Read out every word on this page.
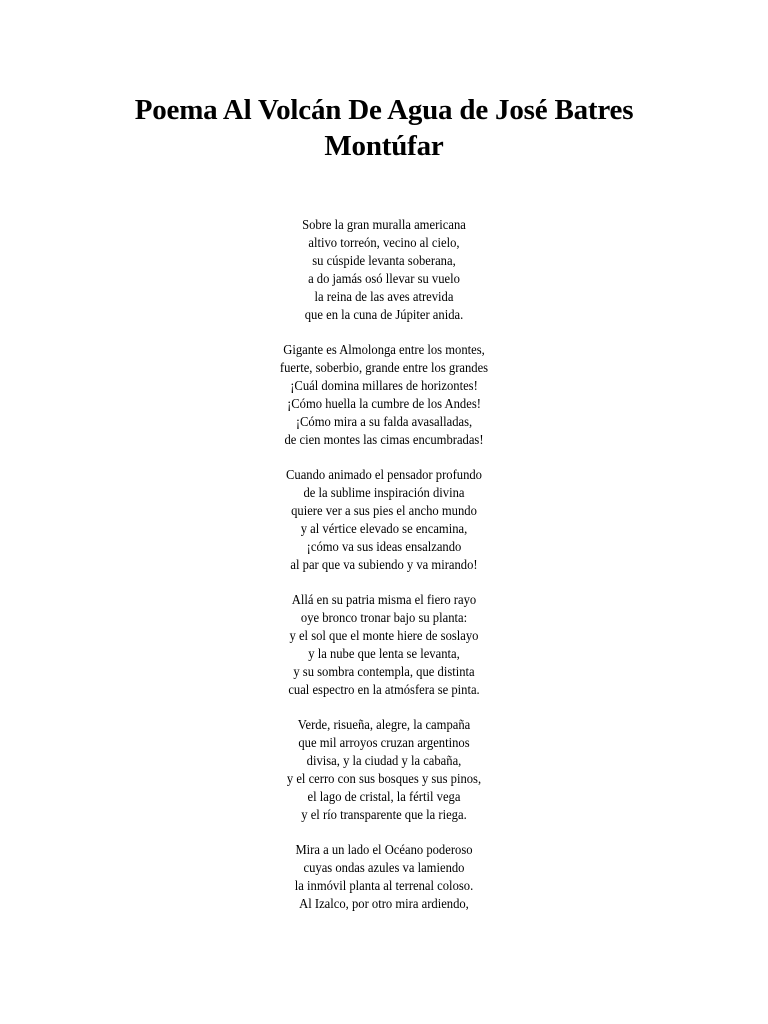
Poema Al Volcán De Agua de José Batres Montúfar
Sobre la gran muralla americana
altivo torreón, vecino al cielo,
su cúspide levanta soberana,
a do jamás osó llevar su vuelo
la reina de las aves atrevida
que en la cuna de Júpiter anida.
Gigante es Almolonga entre los montes,
fuerte, soberbio, grande entre los grandes
¡Cuál domina millares de horizontes!
¡Cómo huella la cumbre de los Andes!
¡Cómo mira a su falda avasalladas,
de cien montes las cimas encumbradas!
Cuando animado el pensador profundo
de la sublime inspiración divina
quiere ver a sus pies el ancho mundo
y al vértice elevado se encamina,
¡cómo va sus ideas ensalzando
al par que va subiendo y va mirando!
Allá en su patria misma el fiero rayo
oye bronco tronar bajo su planta:
y el sol que el monte hiere de soslayo
y la nube que lenta se levanta,
y su sombra contempla, que distinta
cual espectro en la atmósfera se pinta.
Verde, risueña, alegre, la campaña
que mil arroyos cruzan argentinos
divisa, y la ciudad y la cabaña,
y el cerro con sus bosques y sus pinos,
el lago de cristal, la fértil vega
y el río transparente que la riega.
Mira a un lado el Océano poderoso
cuyas ondas azules va lamiendo
la inmóvil planta al terrenal coloso.
Al Izalco, por otro mira ardiendo,
